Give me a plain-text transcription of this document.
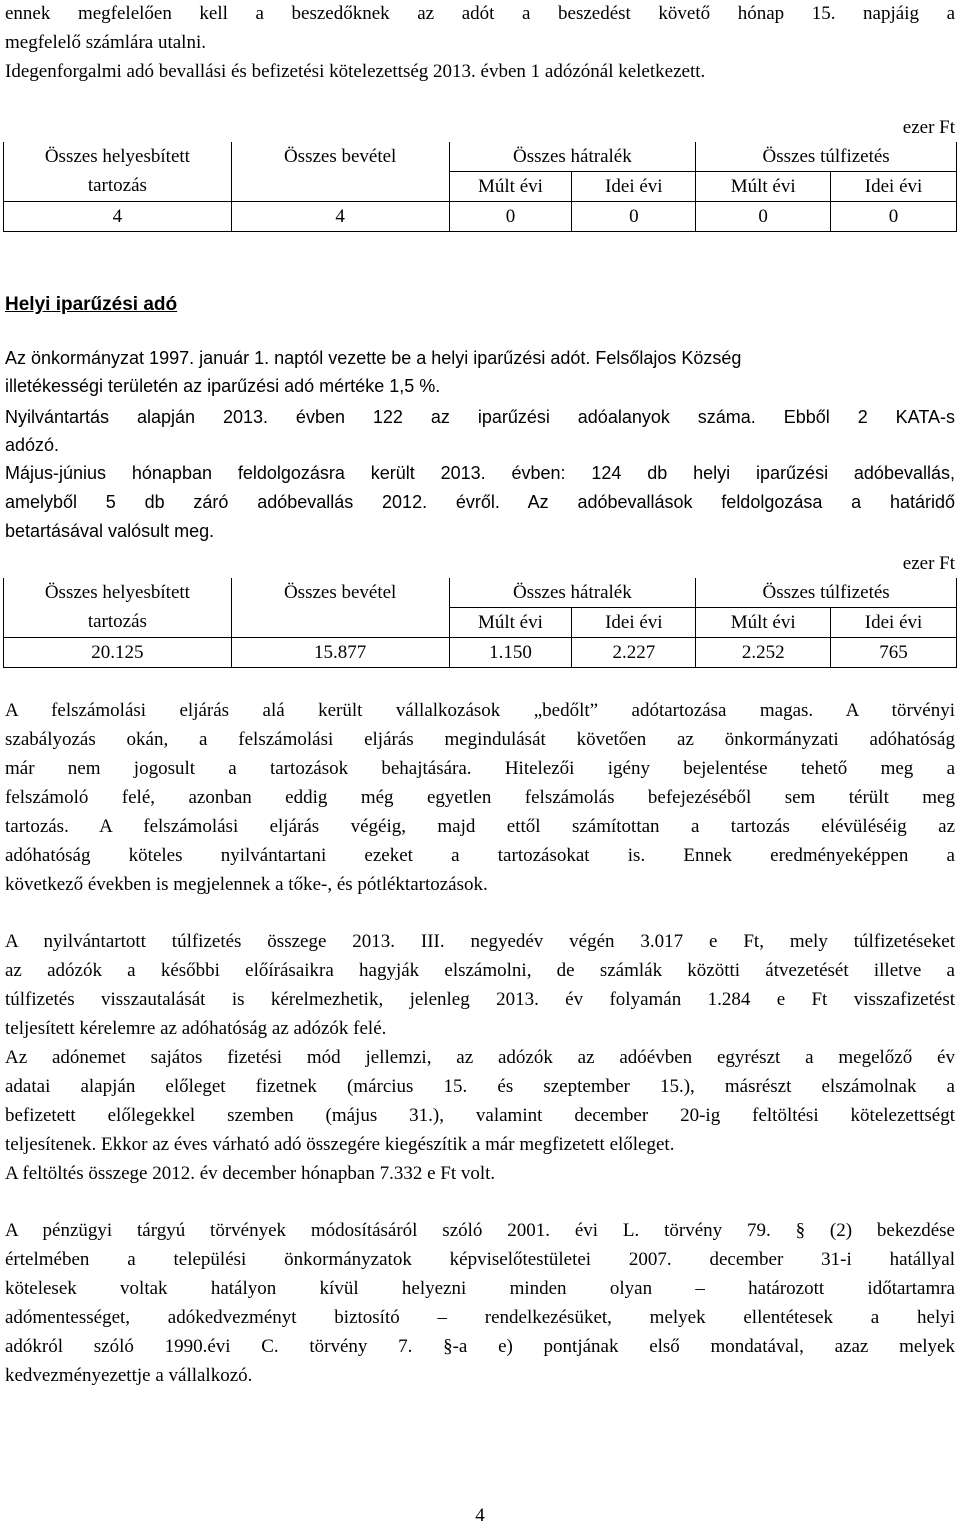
ennek megfelelően kell a beszedőknek az adót a beszedést követő hónap 15. napjáig a
megfelelő számlára utalni.
Idegenforgalmi adó bevallási és befizetési kötelezettség 2013. évben 1 adózónál keletkezett.
ezer Ft
Összes helyesbített	Összes bevétel	Összes hátralék		Összes túlfizetés	
tartozás		Múlt évi	Idei évi	Múlt évi	Idei évi
4	4	0	0	0	0
Helyi iparűzési adó
Az önkormányzat 1997. január 1. naptól vezette be a helyi iparűzési adót. Felsőlajos Község
illetékességi területén az iparűzési adó mértéke 1,5 %.
Nyilvántartás alapján 2013. évben 122 az iparűzési adóalanyok száma. Ebből 2 KATA-s
adózó.
Május-június hónapban feldolgozásra került 2013. évben: 124 db helyi iparűzési adóbevallás,
amelyből 5 db záró adóbevallás 2012. évről. Az adóbevallások feldolgozása a határidő
betartásával valósult meg.
ezer Ft
Összes helyesbített	Összes bevétel	Összes hátralék		Összes túlfizetés	
tartozás		Múlt évi	Idei évi	Múlt évi	Idei évi
20.125	15.877	1.150	2.227	2.252	765
A felszámolási eljárás alá került vállalkozások „bedőlt” adótartozása magas. A törvényi
szabályozás okán, a felszámolási eljárás megindulását követően az önkormányzati adóhatóság
már nem jogosult a tartozások behajtására. Hitelezői igény bejelentése tehető meg a
felszámoló felé, azonban eddig még egyetlen felszámolás befejezéséből sem térült meg
tartozás. A felszámolási eljárás végéig, majd ettől számítottan a tartozás elévüléséig az
adóhatóság köteles nyilvántartani ezeket a tartozásokat is. Ennek eredményeképpen a
következő években is megjelennek a tőke-, és pótléktartozások.
A nyilvántartott túlfizetés összege 2013. III. negyedév végén 3.017 e Ft, mely túlfizetéseket
az adózók a későbbi előírásaikra hagyják elszámolni, de számlák közötti átvezetését illetve a
túlfizetés visszautalását is kérelmezhetik, jelenleg 2013. év folyamán 1.284 e Ft visszafizetést
teljesített kérelemre az adóhatóság az adózók felé.
Az adónemet sajátos fizetési mód jellemzi, az adózók az adóévben egyrészt a megelőző év
adatai alapján előleget fizetnek (március 15. és szeptember 15.), másrészt elszámolnak a
befizetett előlegekkel szemben (május 31.), valamint december 20-ig feltöltési kötelezettségt
teljesítenek. Ekkor az éves várható adó összegére kiegészítik a már megfizetett előleget.
A feltöltés összege 2012. év december hónapban 7.332 e Ft volt.
A pénzügyi tárgyú törvények módosításáról szóló 2001. évi L. törvény 79. § (2) bekezdése
értelmében a települési önkormányzatok képviselőtestületei 2007. december 31-i hatállyal
kötelesek voltak hatályon kívül helyezni minden olyan – határozott időtartamra
adómentességet, adókedvezményt biztosító – rendelkezésüket, melyek ellentétesek a helyi
adókról szóló 1990.évi C. törvény 7. §-a e) pontjának első mondatával, azaz melyek
kedvezményezettje a vállalkozó.
4
